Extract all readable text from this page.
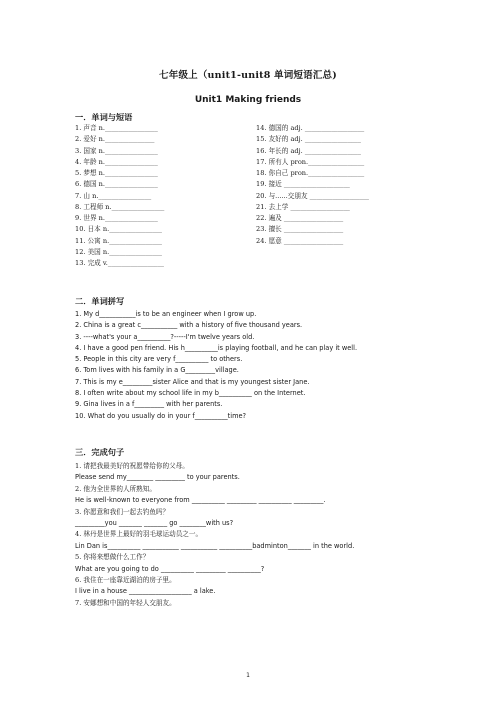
七年级上（unit1-unit8 单词短语汇总)
Unit1 Making friends
一．单词与短语
1. 声音 n.________________
2. 爱好 n._______________
3. 国家 n.________________
4. 年龄 n.________________
5. 梦想 n.________________
6. 德国 n.________________
7. 山 n.________________
8. 工程师 n.________________
9. 世界 n.________________
10. 日本 n.________________
11. 公寓 n.________________
12. 美国 n.________________
13. 完成 v._________________
14. 德国的 adj. __________________
15. 友好的 adj. _________________
16. 年长的 adj. _________________
17. 所有人 pron._________________
18. 你自己 pron._________________
19. 接近 ____________________
20. 与......交朋友 __________________
21. 去上学 __________________
22. 遍及 __________________
23. 擅长 __________________
24. 愿意 __________________
二．单词拼写
1. My d___________is to be an engineer when I grow up.
2. China is a great c___________ with a history of five thousand years.
3. ----what's your a__________?-----I'm twelve years old.
4. I have a good pen friend. His h__________is playing football, and he can play it well.
5. People in this city are very f__________ to others.
6. Tom lives with his family in a G_________village.
7. This is my e_________sister Alice and that is my youngest sister Jane.
8. I often write about my school life in my b__________ on the Internet.
9. Gina lives in a f_________ with her parents.
10. What do you usually do in your f__________time?
三．完成句子
1. 请把我最美好的祝愿带给你的父母。
Please send my________ _________ to your parents.
2. 他为全世界的人所熟知。
He is well-known to everyone from __________ _________ __________ _________.
3. 你愿意和我们一起去钓鱼吗？
_________you _______ _______ go ________with us?
4. 林丹是世界上最好的羽毛球运动员之一。
Lin Dan is__________ ___________ ___________ __________badminton_______ in the world.
5. 你将来想做什么工作？
What are you going to do __________ _________ __________?
6. 我住在一座靠近湖泊的房子里。
I live in a house ___________________ a lake.
7. 安娜想和中国的年轻人交朋友。
1
